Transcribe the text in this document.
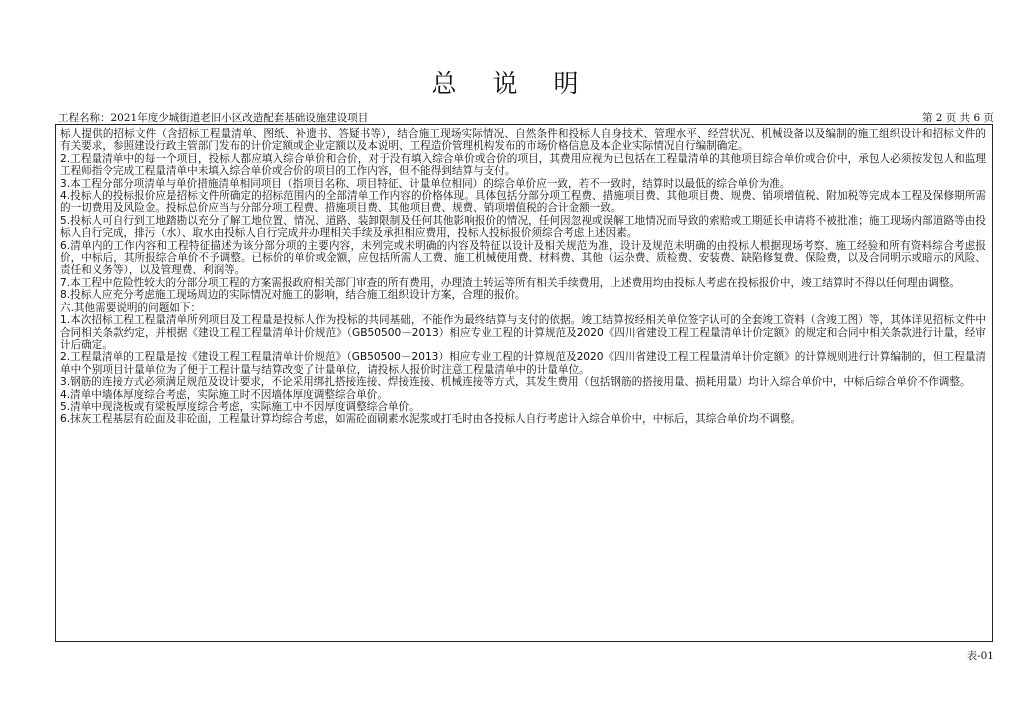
总 说 明
工程名称：2021年度少城街道老旧小区改造配套基础设施建设项目	第 2 页 共 6 页

标人提供的招标文件（含招标工程量清单、图纸、补遗书、答疑书等），结合施工现场实际情况、自然条件和投标人自身技术、管理水平、经营状况、机械设备以及编制的施工组织设计和招标文件的有关要求，参照建设行政主管部门发布的计价定额或企业定额以及本说明、工程造价管理机构发布的市场价格信息及本企业实际情况自行编制确定。

2.工程量清单中的每一个项目，投标人都应填入综合单价和合价，对于没有填入综合单价或合价的项目，其费用应视为已包括在工程量清单的其他项目综合单价或合价中，承包人必须按发包人和监理工程师指令完成工程量清单中未填入综合单价或合价的项目的工作内容，但不能得到结算与支付。

3.本工程分部分项清单与单价措施清单相同项目（指项目名称、项目特征、计量单位相同）的综合单价应一致，若不一致时，结算时以最低的综合单价为准。

4.投标人的投标报价应是招标文件所确定的招标范围内的全部清单工作内容的价格体现。具体包括分部分项工程费、措施项目费、其他项目费、规费、销项增值税、附加税等完成本工程及保修期所需的一切费用及风险金。投标总价应当与分部分项工程费、措施项目费、其他项目费、规费、销项增值税的合计金额一致。

5.投标人可自行到工地踏勘以充分了解工地位置、情况、道路、装卸限制及任何其他影响报价的情况，任何因忽视或误解工地情况而导致的索赔或工期延长申请将不被批准；施工现场内部道路等由投标人自行完成，排污（水）、取水由投标人自行完成并办理相关手续及承担相应费用，投标人投标报价须综合考虑上述因素。

6.清单内的工作内容和工程特征描述为该分部分项的主要内容，未列完或未明确的内容及特征以设计及相关规范为准，设计及规范未明确的由投标人根据现场考察、施工经验和所有资料综合考虑报价，中标后，其所报综合单价不予调整。已标价的单价或金额，应包括所需人工费、施工机械使用费、材料费、其他（运杂费、质检费、安装费、缺陷修复费、保险费，以及合同明示或暗示的风险、责任和义务等），以及管理费、利润等。

7.本工程中危险性较大的分部分项工程的方案需报政府相关部门审查的所有费用，办理渣土转运等所有相关手续费用，上述费用均由投标人考虑在投标报价中，竣工结算时不得以任何理由调整。

8.投标人应充分考虑施工现场周边的实际情况对施工的影响，结合施工组织设计方案，合理的报价。

六.其他需要说明的问题如下：

1.本次招标工程工程量清单所列项目及工程量是投标人作为投标的共同基础，不能作为最终结算与支付的依据。竣工结算按经相关单位签字认可的全套竣工资料（含竣工图）等，其体详见招标文件中合同相关条款约定，并根据《建设工程工程量清单计价规范》（GB50500－2013）相应专业工程的计算规范及2020《四川省建设工程工程量清单计价定额》的规定和合同中相关条款进行计量，经审计后确定。

2.工程量清单的工程量是按《建设工程工程量清单计价规范》（GB50500－2013）相应专业工程的计算规范及2020《四川省建设工程工程量清单计价定额》的计算规则进行计算编制的，但工程量清单中个别项目计量单位为了便于工程计量与结算改变了计量单位，请投标人报价时注意工程量清单中的计量单位。

3.钢筋的连接方式必须满足规范及设计要求，不论采用绑扎搭接连接、焊接连接、机械连接等方式，其发生费用（包括钢筋的搭接用量、损耗用量）均计入综合单价中，中标后综合单价不作调整。

4.清单中墙体厚度综合考虑，实际施工时不因墙体厚度调整综合单价。

5.清单中现浇板或有梁板厚度综合考虑，实际施工中不因厚度调整综合单价。

6.抹灰工程基层有砼面及非砼面，工程量计算均综合考虑，如需砼面刷素水泥浆或打毛时由各投标人自行考虑计入综合单价中，中标后，其综合单价均不调整。

表-01
